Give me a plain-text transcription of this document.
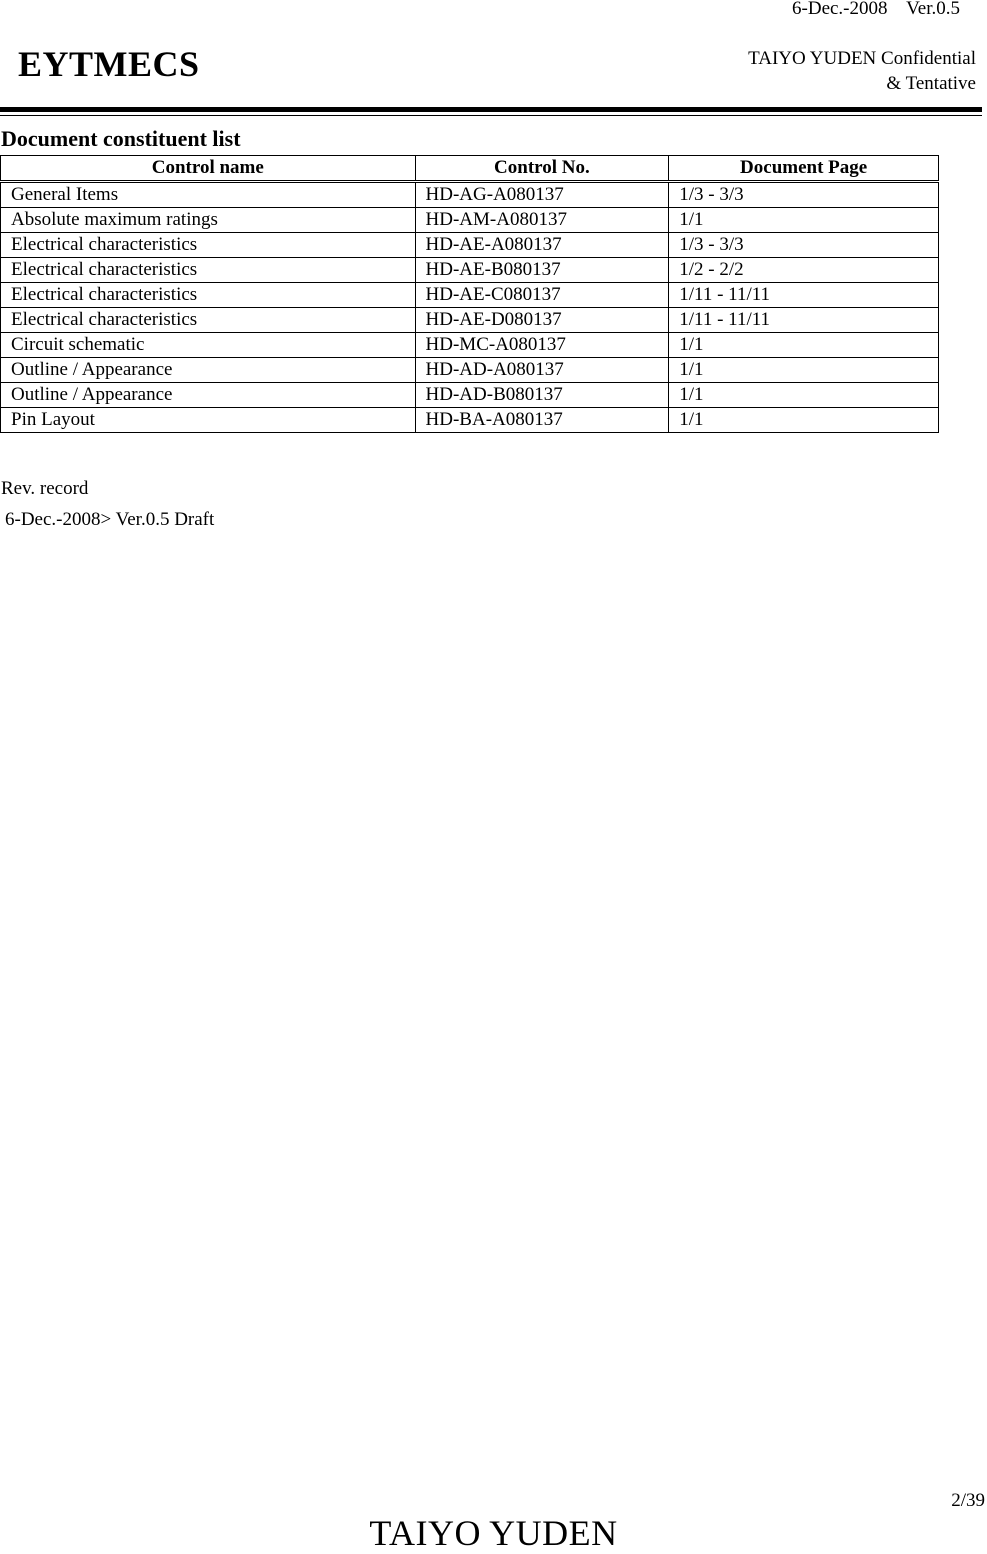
6-Dec.-2008    Ver.0.5
EYTMECS	TAIYO YUDEN Confidential
& Tentative
Document constituent list
Control name	Control No.	Document Page
General Items	HD-AG-A080137	1/3 - 3/3
Absolute maximum ratings	HD-AM-A080137	1/1
Electrical characteristics	HD-AE-A080137	1/3 - 3/3
Electrical characteristics	HD-AE-B080137	1/2 - 2/2
Electrical characteristics	HD-AE-C080137	1/11 - 11/11
Electrical characteristics	HD-AE-D080137	1/11 - 11/11
Circuit schematic	HD-MC-A080137	1/1
Outline / Appearance	HD-AD-A080137	1/1
Outline / Appearance	HD-AD-B080137	1/1
Pin Layout	HD-BA-A080137	1/1
Rev. record
6-Dec.-2008> Ver.0.5 Draft
2/39
TAIYO YUDEN
